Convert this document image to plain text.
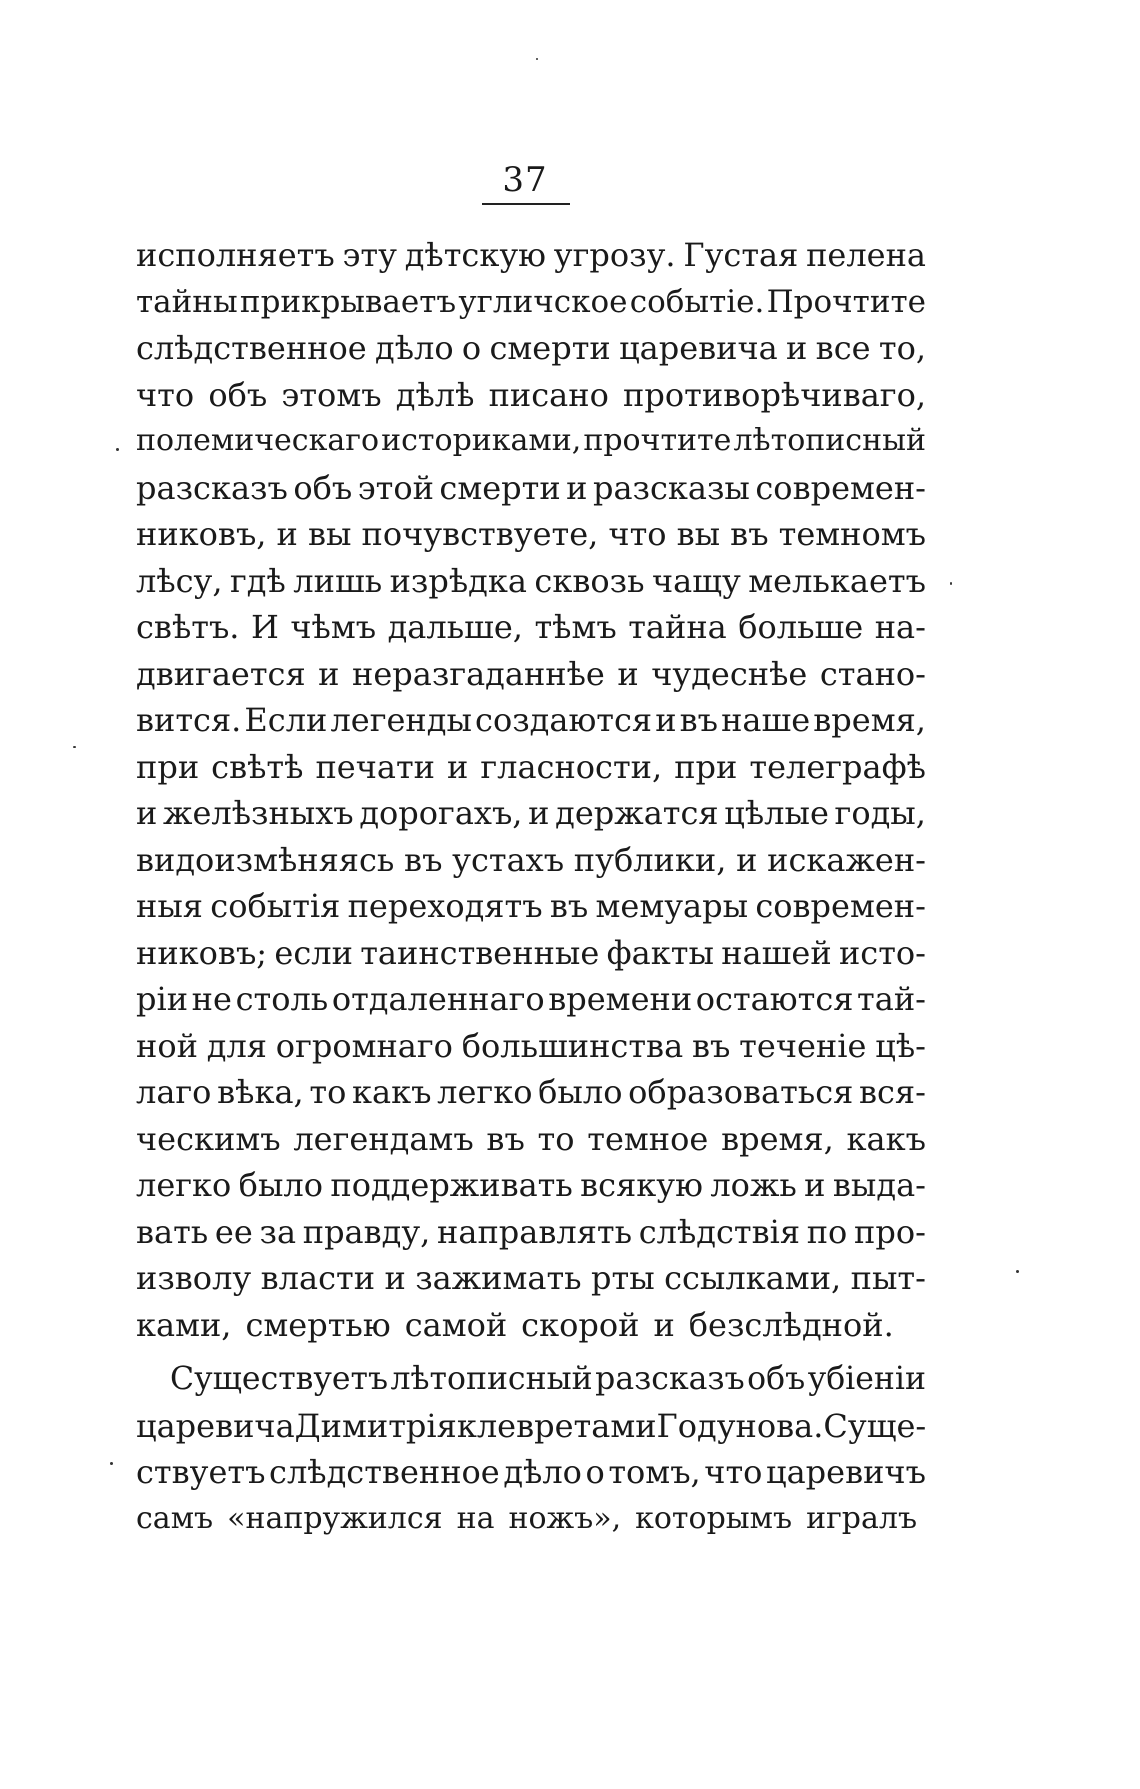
37
исполняетъ эту дѣтскую угрозу. Густая пелена
тайны прикрываетъ угличское событіе. Прочтите
слѣдственное дѣло о смерти царевича и все то,
что объ этомъ дѣлѣ писано противорѣчиваго,
полемическаго историками, прочтите лѣтописный
разсказъ объ этой смерти и разсказы современ-
никовъ, и вы почувствуете, что вы въ темномъ
лѣсу, гдѣ лишь изрѣдка сквозь чащу мелькаетъ
свѣтъ. И чѣмъ дальше, тѣмъ тайна больше на-
двигается и неразгаданнѣе и чудеснѣе стано-
вится. Если легенды создаются и въ наше время,
при свѣтѣ печати и гласности, при телеграфѣ
и желѣзныхъ дорогахъ, и держатся цѣлые годы,
видоизмѣняясь въ устахъ публики, и искажен-
ныя событія переходятъ въ мемуары современ-
никовъ; если таинственные факты нашей исто-
ріи не столь отдаленнаго времени остаются тай-
ной для огромнаго большинства въ теченіе цѣ-
лаго вѣка, то какъ легко было образоваться вся-
ческимъ легендамъ въ то темное время, какъ
легко было поддерживать всякую ложь и выда-
вать ее за правду, направлять слѣдствія по про-
изволу власти и зажимать рты ссылками, пыт-
ками, смертью самой скорой и безслѣдной.
Существуетъ лѣтописный разсказъ объ убіеніи
царевича Димитрія клевретами Годунова. Суще-
ствуетъ слѣдственное дѣло о томъ, что царевичъ
самъ «напружился на ножъ», которымъ игралъ
